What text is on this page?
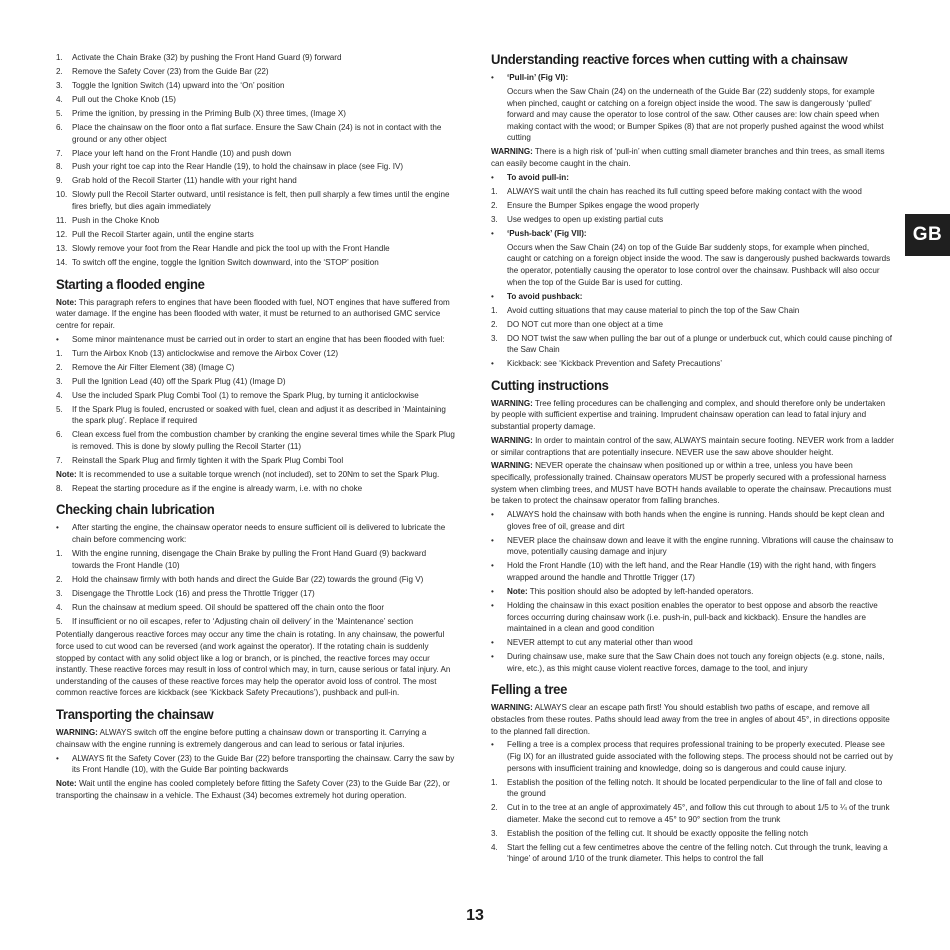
1.	Activate the Chain Brake (32) by pushing the Front Hand Guard (9) forward
2.	Remove the Safety Cover (23) from the Guide Bar (22)
3.	Toggle the Ignition Switch (14) upward into the ‘On’ position
4.	Pull out the Choke Knob (15)
5.	Prime the ignition, by pressing in the Priming Bulb (X) three times, (Image X)
6.	Place the chainsaw on the floor onto a flat surface. Ensure the Saw Chain (24) is not in contact with the ground or any other object
7.	Place your left hand on the Front Handle (10) and push down
8.	Push your right toe cap into the Rear Handle (19), to hold the chainsaw in place (see Fig. IV)
9.	Grab hold of the Recoil Starter (11) handle with your right hand
10. Slowly pull the Recoil Starter outward, until resistance is felt, then pull sharply a few times until the engine fires briefly, but dies again immediately
11. Push in the Choke Knob
12. Pull the Recoil Starter again, until the engine starts
13. Slowly remove your foot from the Rear Handle and pick the tool up with the Front Handle
14. To switch off the engine, toggle the Ignition Switch downward, into the ‘STOP’ position
Starting a flooded engine

Note: This paragraph refers to engines that have been flooded with fuel, NOT engines that have suffered from water damage. If the engine has been flooded with water, it must be returned to an authorised GMC service centre for repair.

•	Some minor maintenance must be carried out in order to start an engine that has been flooded with fuel:
1.	Turn the Airbox Knob (13) anticlockwise and remove the Airbox Cover (12)
2.	Remove the Air Filter Element (38) (Image C)
3.	Pull the Ignition Lead (40) off the Spark Plug (41) (Image D)
4.	Use the included Spark Plug Combi Tool (1) to remove the Spark Plug, by turning it anticlockwise
5.	If the Spark Plug is fouled, encrusted or soaked with fuel, clean and adjust it as described in ‘Maintaining the spark plug’. Replace if required
6.	Clean excess fuel from the combustion chamber by cranking the engine several times while the Spark Plug is removed. This is done by slowly pulling the Recoil Starter (11)
7.	Reinstall the Spark Plug and firmly tighten it with the Spark Plug Combi Tool

Note: It is recommended to use a suitable torque wrench (not included), set to 20Nm to set the Spark Plug.

8.	Repeat the starting procedure as if the engine is already warm, i.e. with no choke
Checking chain lubrication
•	After starting the engine, the chainsaw operator needs to ensure sufficient oil is delivered to lubricate the chain before commencing work:
1.	With the engine running, disengage the Chain Brake by pulling the Front Hand Guard (9) backward towards the Front Handle (10)
2.	Hold the chainsaw firmly with both hands and direct the Guide Bar (22) towards the ground (Fig V)
3.	Disengage the Throttle Lock (16) and press the Throttle Trigger (17)
4.	Run the chainsaw at medium speed. Oil should be spattered off the chain onto the floor
5.	If insufficient or no oil escapes, refer to ‘Adjusting chain oil delivery’ in the ‘Maintenance’ section

Potentially dangerous reactive forces may occur any time the chain is rotating. In any chainsaw, the powerful force used to cut wood can be reversed (and work against the operator). If the rotating chain is suddenly stopped by contact with any solid object like a log or branch, or is pinched, the reactive forces may occur instantly. These reactive forces may result in loss of control which may, in turn, cause serious or fatal injury. An understanding of the causes of these reactive forces may help the operator avoid loss of control. The most common reactive forces are kickback (see ‘Kickback Safety Precautions’), pushback and pull-in.

Transporting the chainsaw

WARNING: ALWAYS switch off the engine before putting a chainsaw down or transporting it. Carrying a chainsaw with the engine running is extremely dangerous and can lead to serious or fatal injuries.

•	ALWAYS fit the Safety Cover (23) to the Guide Bar (22) before transporting the chainsaw. Carry the saw by its Front Handle (10), with the Guide Bar pointing backwards

Note: Wait until the engine has cooled completely before fitting the Safety Cover (23) to the Guide Bar (22), or transporting the chainsaw in a vehicle. The Exhaust (34) becomes extremely hot during operation.

Understanding reactive forces when cutting with a chainsaw
•	‘Pull-in’ (Fig VI):

Occurs when the Saw Chain (24) on the underneath of the Guide Bar (22) suddenly stops, for example when pinched, caught or catching on a foreign object inside the wood. The saw is dangerously ‘pulled’ forward and may cause the operator to lose control of the saw. Other causes are: low chain speed when making contact with the wood; or Bumper Spikes (8) that are not properly pushed against the wood whilst cutting

WARNING: There is a high risk of ‘pull-in’ when cutting small diameter branches and thin trees, as small items can easily become caught in the chain.

•	To avoid pull-in:
1.	ALWAYS wait until the chain has reached its full cutting speed before making contact with the wood
2.	Ensure the Bumper Spikes engage the wood properly
3.	Use wedges to open up existing partial cuts
•	‘Push-back’ (Fig VII):

Occurs when the Saw Chain (24) on top of the Guide Bar suddenly stops, for example when pinched, caught or catching on a foreign object inside the wood. The saw is dangerously pushed backwards towards the operator, potentially causing the operator to lose control over the chainsaw. Pushback will also occur when the top of the Guide Bar is used for cutting.

•	To avoid pushback:
1.	Avoid cutting situations that may cause material to pinch the top of the Saw Chain
2.	DO NOT cut more than one object at a time
3.	DO NOT twist the saw when pulling the bar out of a plunge or underbuck cut, which could cause pinching of the Saw Chain
•	Kickback: see ‘Kickback Prevention and Safety Precautions’
Cutting instructions

WARNING: Tree felling procedures can be challenging and complex, and should therefore only be undertaken by people with sufficient expertise and training. Imprudent chainsaw operation can lead to fatal injury and substantial property damage.

WARNING: In order to maintain control of the saw, ALWAYS maintain secure footing. NEVER work from a ladder or similar contraptions that are potentially insecure. NEVER use the saw above shoulder height.

WARNING: NEVER operate the chainsaw when positioned up or within a tree, unless you have been specifically, professionally trained. Chainsaw operators MUST be properly secured with a professional harness system when climbing trees, and MUST have BOTH hands available to operate the chainsaw. Precautions must be taken to protect the chainsaw operator from falling branches.

•	ALWAYS hold the chainsaw with both hands when the engine is running. Hands should be kept clean and gloves free of oil, grease and dirt
•	NEVER place the chainsaw down and leave it with the engine running. Vibrations will cause the chainsaw to move, potentially causing damage and injury
•	Hold the Front Handle (10) with the left hand, and the Rear Handle (19) with the right hand, with fingers wrapped around the handle and Throttle Trigger (17)
•	Note: This position should also be adopted by left-handed operators.
•	Holding the chainsaw in this exact position enables the operator to best oppose and absorb the reactive forces occurring during chainsaw work (i.e. push-in, pull-back and kickback). Ensure the handles are maintained in a clean and good condition
•	NEVER attempt to cut any material other than wood
•	During chainsaw use, make sure that the Saw Chain does not touch any foreign objects (e.g. stone, nails, wire, etc.), as this might cause violent reactive forces, damage to the tool, and injury
Felling a tree

WARNING: ALWAYS clear an escape path first! You should establish two paths of escape, and remove all obstacles from these routes. Paths should lead away from the tree in angles of about 45°, in directions opposite to the planned fall direction.

•	Felling a tree is a complex process that requires professional training to be properly executed. Please see (Fig IX) for an illustrated guide associated with the following steps. The process should not be carried out by persons with insufficient training and knowledge, doing so is dangerous and could cause injury.
1.	Establish the position of the felling notch. It should be located perpendicular to the line of fall and close to the ground
2.	Cut in to the tree at an angle of approximately 45°, and follow this cut through to about 1/5 to ¼ of the trunk diameter. Make the second cut to remove a 45° to 90° section from the trunk
3.	Establish the position of the felling cut. It should be exactly opposite the felling notch
4.	Start the felling cut a few centimetres above the centre of the felling notch. Cut through the trunk, leaving a ‘hinge’ of around 1/10 of the trunk diameter. This helps to control the fall
GB
13
